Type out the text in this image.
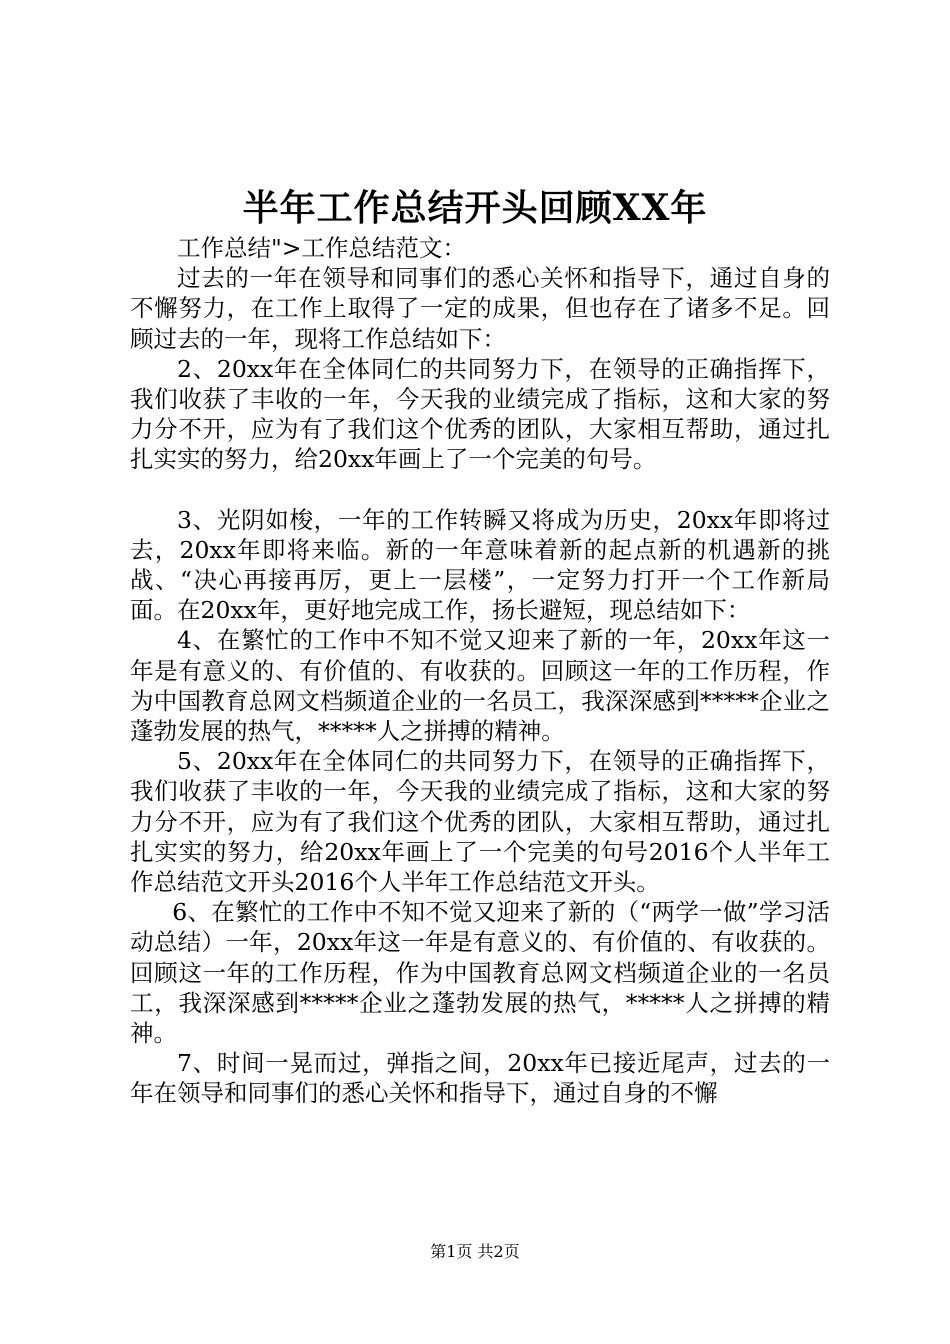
半年工作总结开头回顾XX年

工作总结">工作总结范文：

过去的一年在领导和同事们的悉心关怀和指导下，通过自身的不懈努力，在工作上取得了一定的成果，但也存在了诸多不足。回顾过去的一年，现将工作总结如下：

2、20xx年在全体同仁的共同努力下，在领导的正确指挥下，我们收获了丰收的一年，今天我的业绩完成了指标，这和大家的努力分不开，应为有了我们这个优秀的团队，大家相互帮助，通过扎扎实实的努力，给20xx年画上了一个完美的句号。

3、光阴如梭，一年的工作转瞬又将成为历史，20xx年即将过去，20xx年即将来临。新的一年意味着新的起点新的机遇新的挑战、“决心再接再厉，更上一层楼”，一定努力打开一个工作新局面。在20xx年，更好地完成工作，扬长避短，现总结如下：

4、在繁忙的工作中不知不觉又迎来了新的一年，20xx年这一年是有意义的、有价值的、有收获的。回顾这一年的工作历程，作为中国教育总网文档频道企业的一名员工，我深深感到*****企业之蓬勃发展的热气，*****人之拼搏的精神。

5、20xx年在全体同仁的共同努力下，在领导的正确指挥下，我们收获了丰收的一年，今天我的业绩完成了指标，这和大家的努力分不开，应为有了我们这个优秀的团队，大家相互帮助，通过扎扎实实的努力，给20xx年画上了一个完美的句号2016个人半年工作总结范文开头2016个人半年工作总结范文开头。

6、在繁忙的工作中不知不觉又迎来了新的（“两学一做”学习活动总结）一年，20xx年这一年是有意义的、有价值的、有收获的。回顾这一年的工作历程，作为中国教育总网文档频道企业的一名员工，我深深感到*****企业之蓬勃发展的热气，*****人之拼搏的精神。

7、时间一晃而过，弹指之间，20xx年已接近尾声，过去的一年在领导和同事们的悉心关怀和指导下，通过自身的不懈

第1页 共2页
